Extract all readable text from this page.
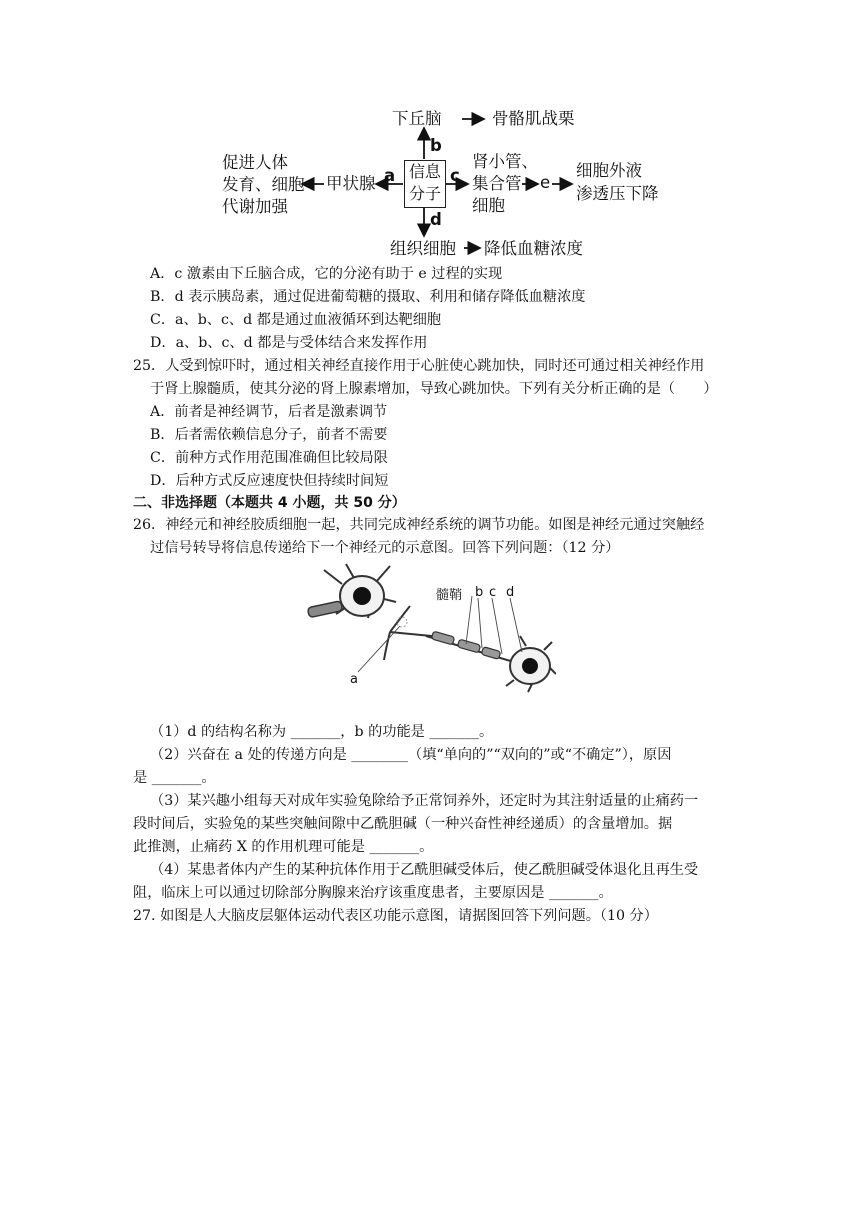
下丘脑	骨骼肌战栗
b
促进人体
发育、细胞
代谢加强
甲状腺 a 信息
分子
c
肾小管、
集合管
细胞
e
细胞外液
渗透压下降
d
组织细胞 降低血糖浓度
A．c 激素由下丘脑合成，它的分泌有助于 e 过程的实现
B．d 表示胰岛素，通过促进葡萄糖的摄取、利用和储存降低血糖浓度
C．a、b、c、d 都是通过血液循环到达靶细胞
D．a、b、c、d 都是与受体结合来发挥作用
25．人受到惊吓时，通过相关神经直接作用于心脏使心跳加快，同时还可通过相关神经作用
于肾上腺髓质，使其分泌的肾上腺素增加，导致心跳加快。下列有关分析正确的是（　　）
A．前者是神经调节，后者是激素调节
B．后者需依赖信息分子，前者不需要
C．前种方式作用范围准确但比较局限
D．后种方式反应速度快但持续时间短
二、非选择题（本题共 4 小题，共 50 分）
26．神经元和神经胶质细胞一起，共同完成神经系统的调节功能。如图是神经元通过突触经
过信号转导将信息传递给下一个神经元的示意图。回答下列问题：（12 分）
髓鞘 b c d
a
（1）d 的结构名称为 _______，b 的功能是 _______。
（2）兴奋在 a 处的传递方向是 ________（填“单向的”“双向的”或“不确定”），原因
是 _______。
（3）某兴趣小组每天对成年实验兔除给予正常饲养外，还定时为其注射适量的止痛药一
段时间后，实验兔的某些突触间隙中乙酰胆碱（一种兴奋性神经递质）的含量增加。据
此推测，止痛药 X 的作用机理可能是 _______。
（4）某患者体内产生的某种抗体作用于乙酰胆碱受体后，使乙酰胆碱受体退化且再生受
阻，临床上可以通过切除部分胸腺来治疗该重度患者，主要原因是 _______。
27. 如图是人大脑皮层躯体运动代表区功能示意图，请据图回答下列问题。（10 分）
